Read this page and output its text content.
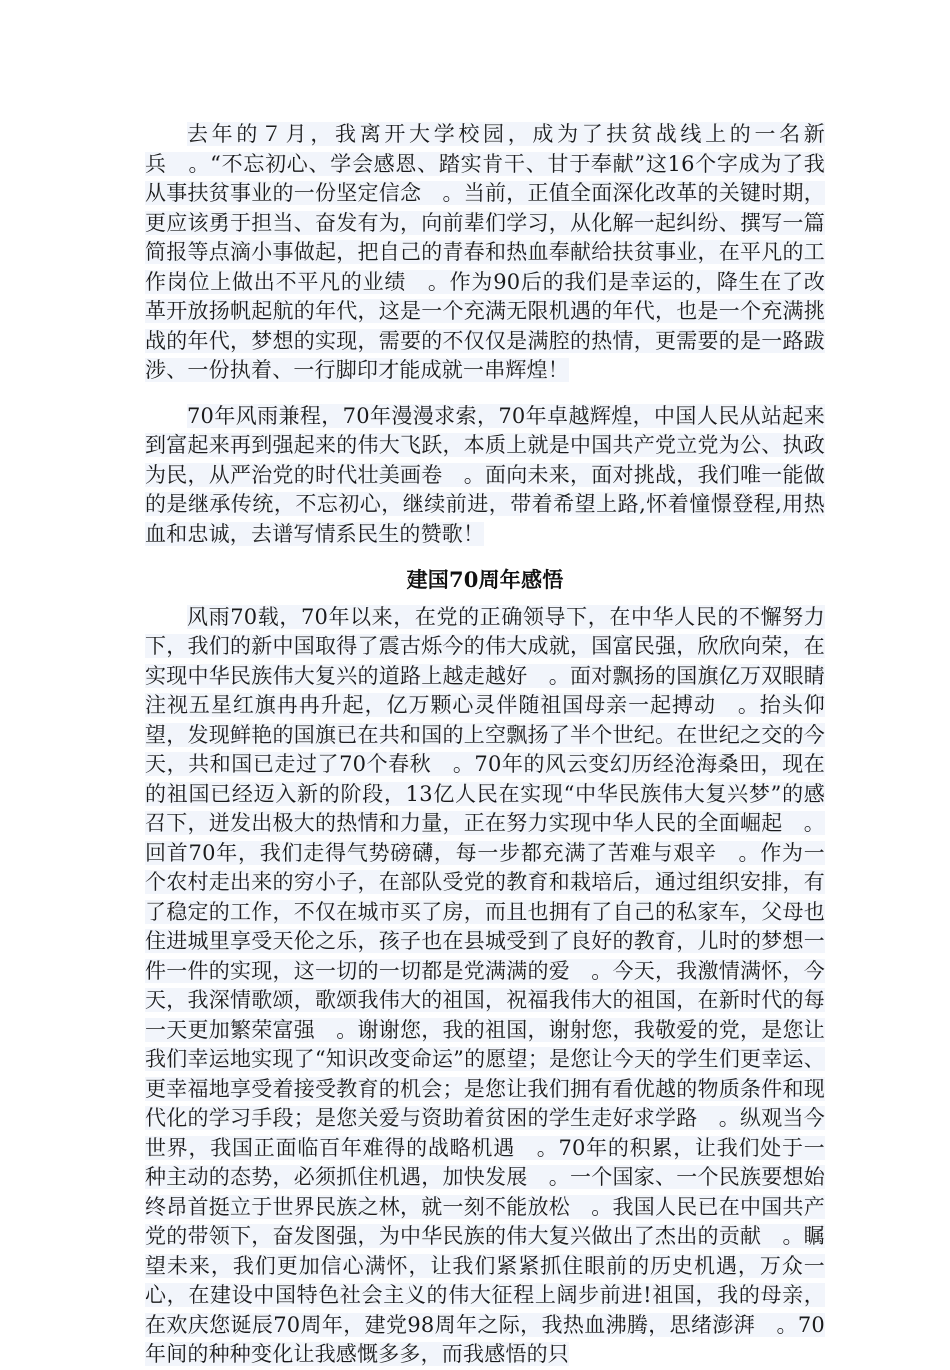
去年的７月，我离开大学校园，成为了扶贫战线上的一名新兵　。“不忘初心、学会感恩、踏实肯干、甘于奉献”这16个字成为了我从事扶贫事业的一份坚定信念　。当前，正值全面深化改革的关键时期，更应该勇于担当、奋发有为，向前辈们学习，从化解一起纠纷、撰写一篇简报等点滴小事做起，把自己的青春和热血奉献给扶贫事业，在平凡的工作岗位上做出不平凡的业绩　。作为90后的我们是幸运的，降生在了改革开放扬帆起航的年代，这是一个充满无限机遇的年代，也是一个充满挑战的年代，梦想的实现，需要的不仅仅是满腔的热情，更需要的是一路跋涉、一份执着、一行脚印才能成就一串辉煌！

70年风雨兼程，70年漫漫求索，70年卓越辉煌，中国人民从站起来到富起来再到强起来的伟大飞跃，本质上就是中国共产党立党为公、执政为民，从严治党的时代壮美画卷　。面向未来，面对挑战，我们唯一能做的是继承传统，不忘初心，继续前进，带着希望上路,怀着憧憬登程,用热血和忠诚，去谱写情系民生的赞歌！

建国70周年感悟

风雨70载，70年以来，在党的正确领导下，在中华人民的不懈努力下，我们的新中国取得了震古烁今的伟大成就，国富民强，欣欣向荣，在实现中华民族伟大复兴的道路上越走越好　。面对飘扬的国旗亿万双眼睛注视五星红旗冉冉升起，亿万颗心灵伴随祖国母亲一起搏动　。抬头仰望，发现鲜艳的国旗已在共和国的上空飘扬了半个世纪。在世纪之交的今天，共和国已走过了70个春秋　。70年的风云变幻历经沧海桑田，现在的祖国已经迈入新的阶段，13亿人民在实现“中华民族伟大复兴梦”的感召下，迸发出极大的热情和力量，正在努力实现中华人民的全面崛起　。回首70年，我们走得气势磅礴，每一步都充满了苦难与艰辛　。作为一个农村走出来的穷小子，在部队受党的教育和栽培后，通过组织安排，有了稳定的工作，不仅在城市买了房，而且也拥有了自己的私家车，父母也住进城里享受天伦之乐，孩子也在县城受到了良好的教育，儿时的梦想一件一件的实现，这一切的一切都是党满满的爱　。今天，我激情满怀，今天，我深情歌颂，歌颂我伟大的祖国，祝福我伟大的祖国，在新时代的每一天更加繁荣富强　。谢谢您，我的祖国，谢射您，我敬爱的党，是您让我们幸运地实现了“知识改变命运”的愿望；是您让今天的学生们更幸运、更幸福地享受着接受教育的机会；是您让我们拥有看优越的物质条件和现代化的学习手段；是您关爱与资助着贫困的学生走好求学路　。纵观当今世界，我国正面临百年难得的战略机遇　。70年的积累，让我们处于一种主动的态势，必须抓住机遇，加快发展　。一个国家、一个民族要想始终昂首挺立于世界民族之林，就一刻不能放松　。我国人民已在中国共产党的带领下，奋发图强，为中华民族的伟大复兴做出了杰出的贡献　。瞩望未来，我们更加信心满怀，让我们紧紧抓住眼前的历史机遇，万众一心，在建设中国特色社会主义的伟大征程上阔步前进!祖国，我的母亲，在欢庆您诞辰70周年，建党98周年之际，我热血沸腾，思绪澎湃　。70年间的种种变化让我感慨多多，而我感悟的只
